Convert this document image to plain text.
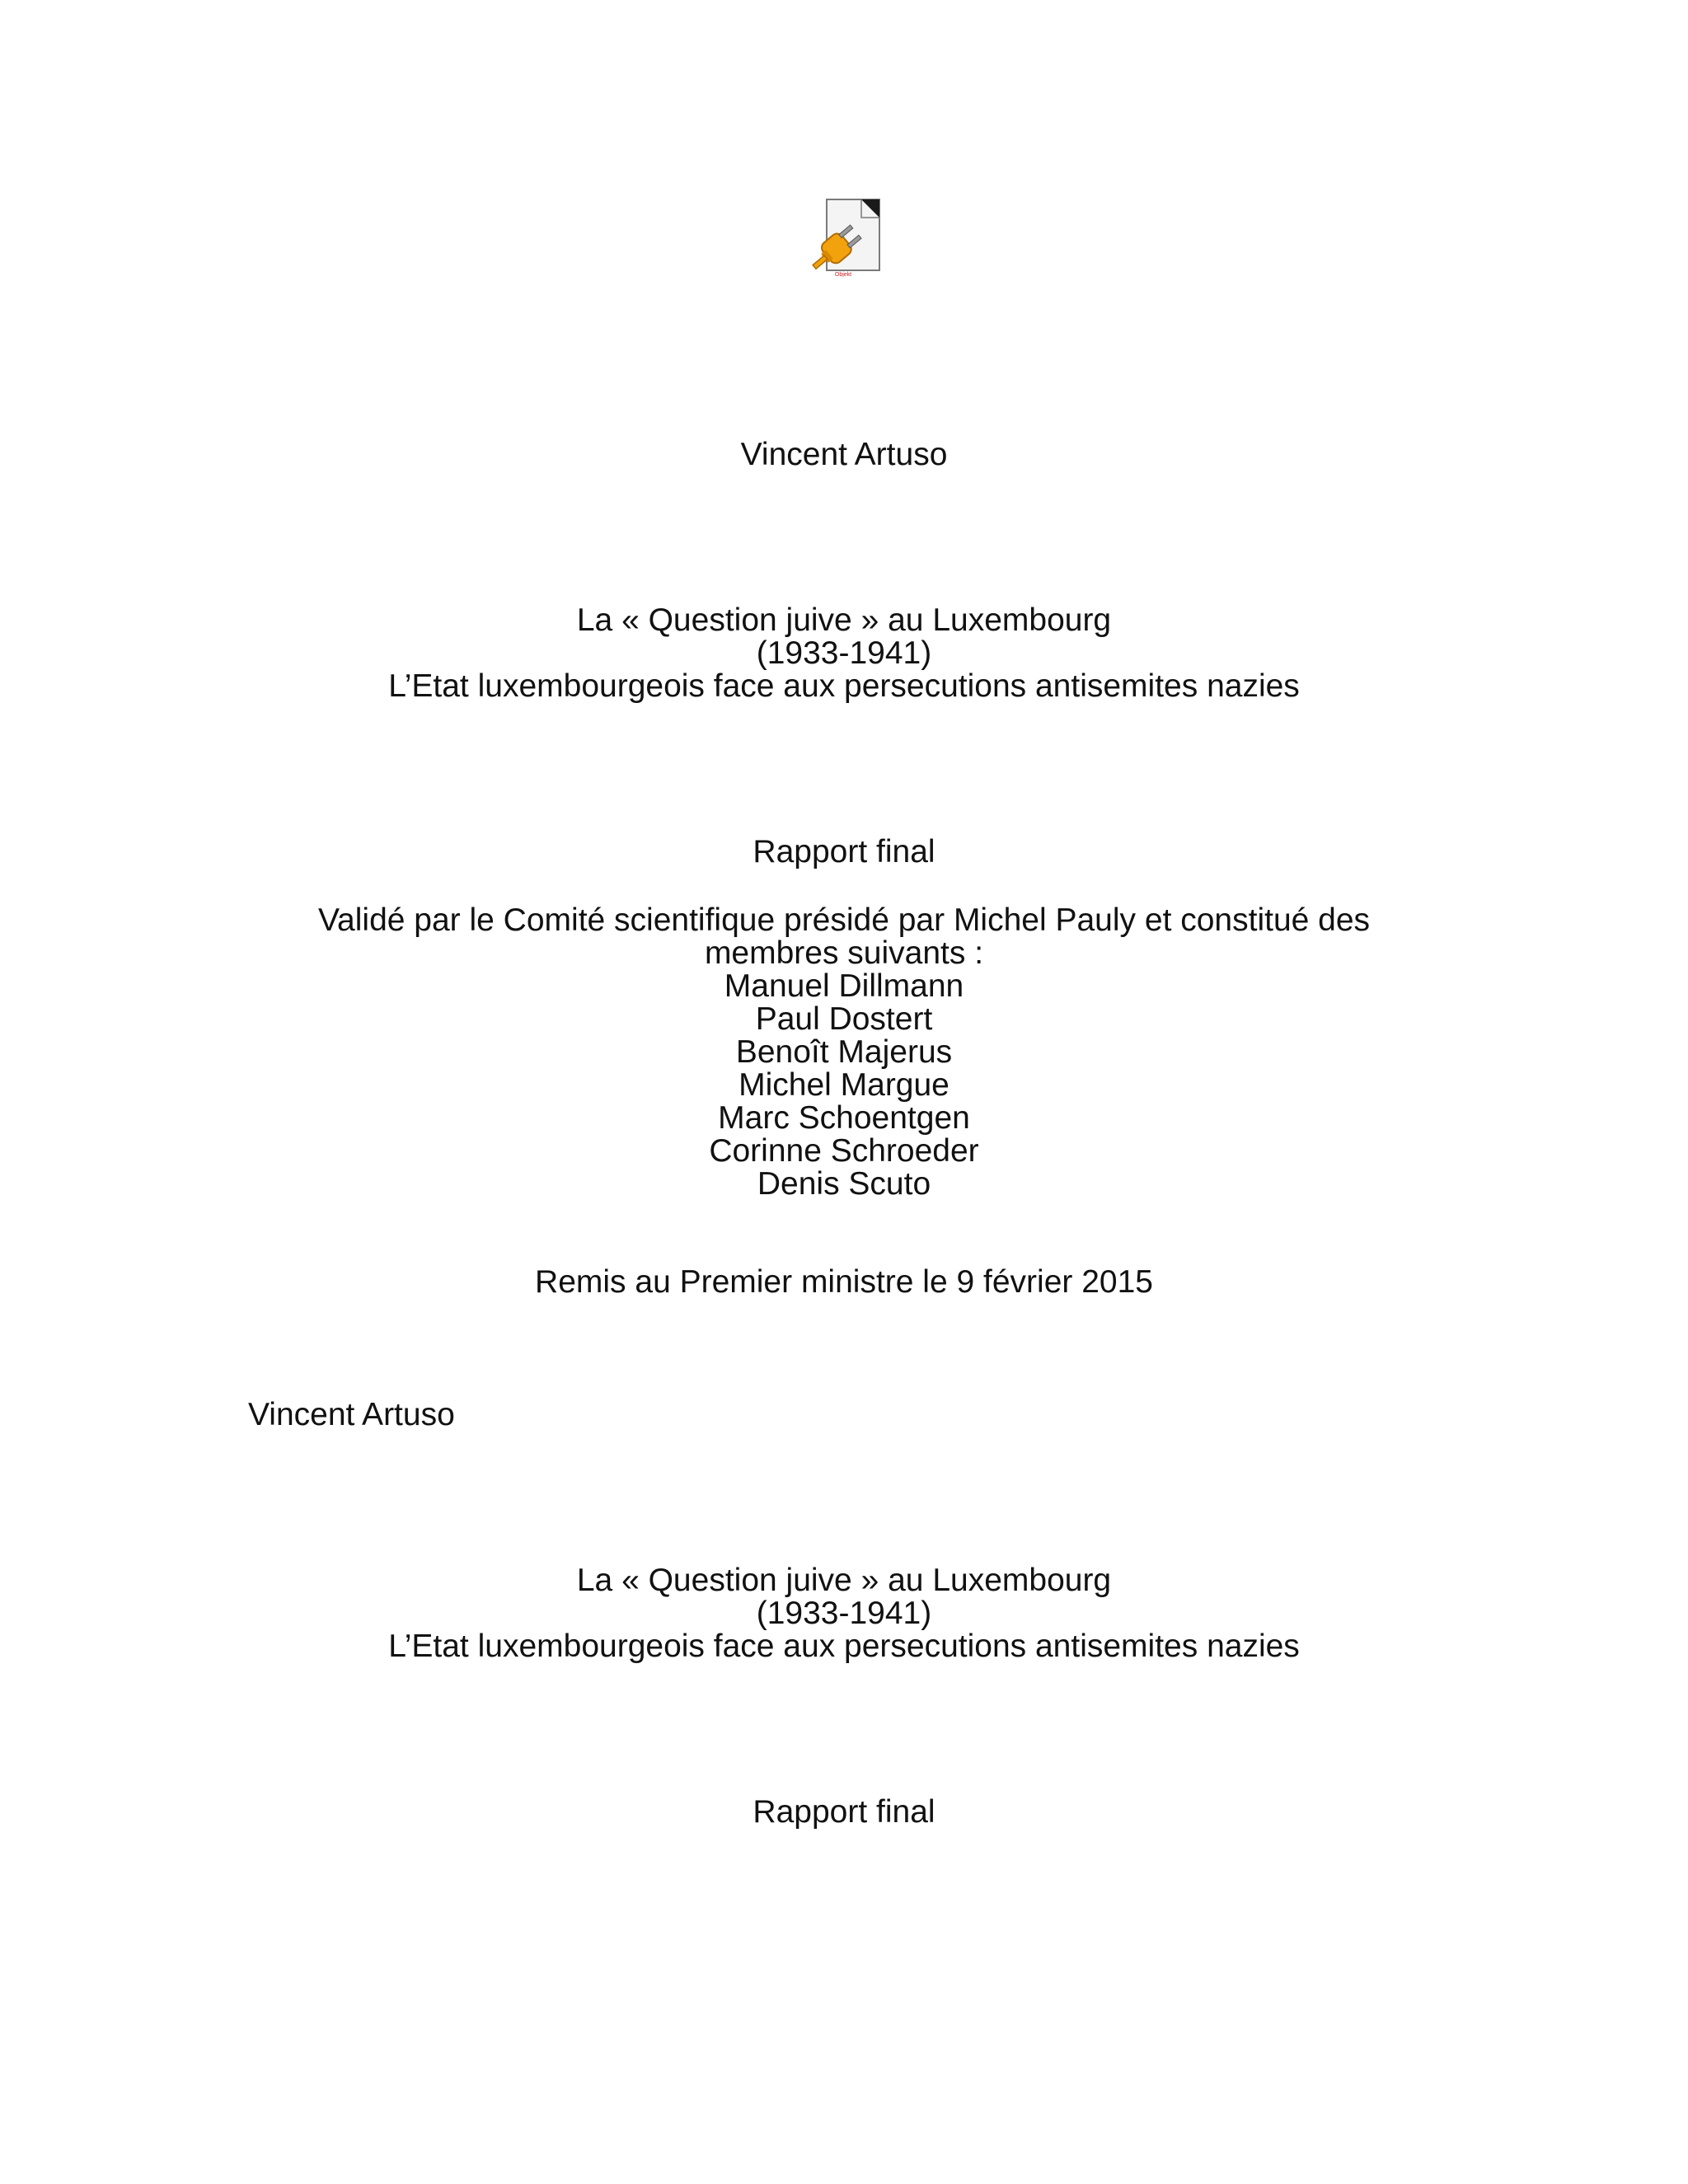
Objekt
Vincent Artuso
La « Question juive » au Luxembourg
(1933-1941)
L’Etat luxembourgeois face aux persecutions antisemites nazies
Rapport final
Validé par le Comité scientifique présidé par Michel Pauly et constitué des
membres suivants :
Manuel Dillmann
Paul Dostert
Benoît Majerus
Michel Margue
Marc Schoentgen
Corinne Schroeder
Denis Scuto
Remis au Premier ministre le 9 février 2015
Vincent Artuso
La « Question juive » au Luxembourg
(1933-1941)
L’Etat luxembourgeois face aux persecutions antisemites nazies
Rapport final
